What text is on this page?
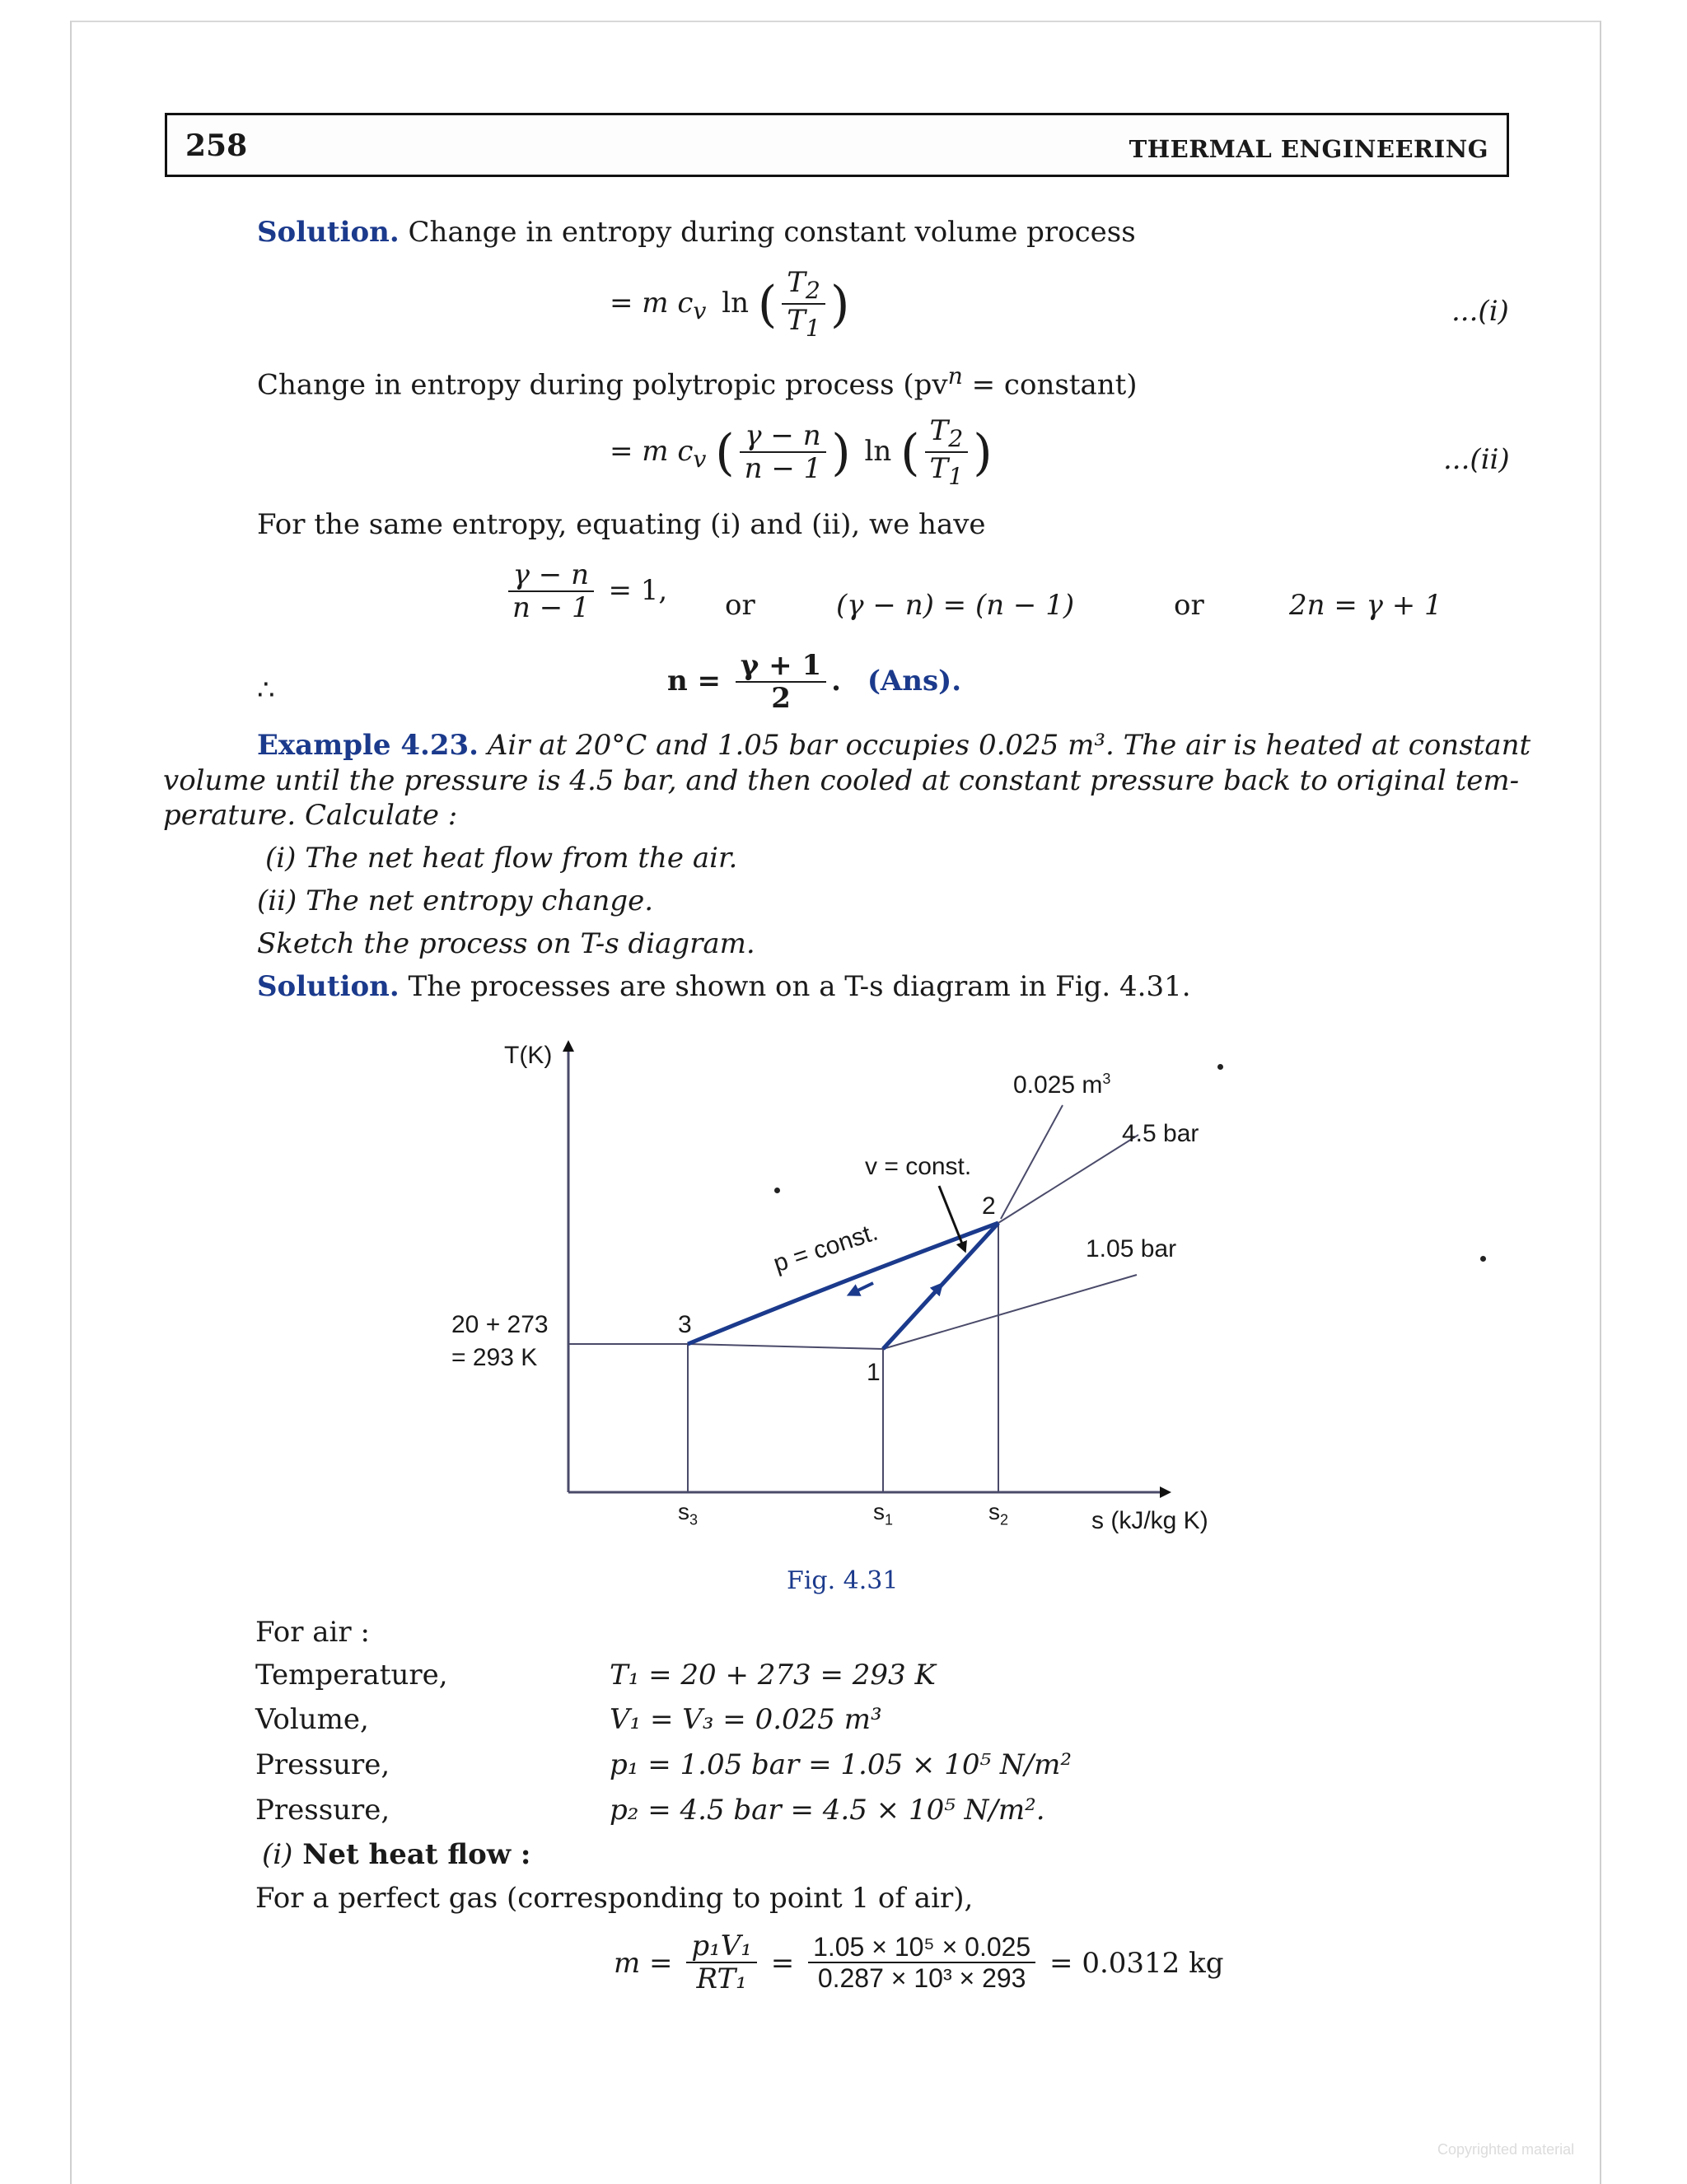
258	THERMAL ENGINEERING
Solution. Change in entropy during constant volume process
= m $c_v$ ln ( $\frac{T_2}{T_1}$ )	...(i)
Change in entropy during polytropic process ($pv^n$ = constant)
= m $c_v$ ( $\frac{\gamma - n}{n - 1}$ ) ln ( $\frac{T_2}{T_1}$ )	...(ii)
For the same entropy, equating (i) and (ii), we have
$\frac{\gamma - n}{n - 1} = 1$, or	(γ − n) = (n − 1)	or	2n = γ + 1
∴	$n = \frac{\gamma + 1}{2}$ . (Ans).
Example 4.23. Air at 20°C and 1.05 bar occupies 0.025 m³. The air is heated at constant
volume until the pressure is 4.5 bar, and then cooled at constant pressure back to original tem-
perature. Calculate :
(i) The net heat flow from the air.
(ii) The net entropy change.
Sketch the process on T-s diagram.
Solution. The processes are shown on a T-s diagram in Fig. 4.31.
T(K)
s (kJ/kg K)
0.025 $m^3$
4.5 bar
1.05 bar
v = const.
p = const.
20 + 273
= 293 K
3
1
2
$s_3$	$s_1$	$s_2$
Fig. 4.31
For air :
Temperature,	T₁ = 20 + 273 = 293 K
Volume,	V₁ = V₃ = 0.025 m³
Pressure,	p₁ = 1.05 bar = 1.05 × 10⁵ N/m²
Pressure,	p₂ = 4.5 bar = 4.5 × 10⁵ N/m².
(i) Net heat flow :
For a perfect gas (corresponding to point 1 of air),
$m = \frac{\text{p₁V₁}}{\text{RT₁}} = \frac{\text{1.05 × 10⁵ × 0.025}}{\text{0.287 × 10³ × 293}} = 0.0312$ kg
Copyrighted material
